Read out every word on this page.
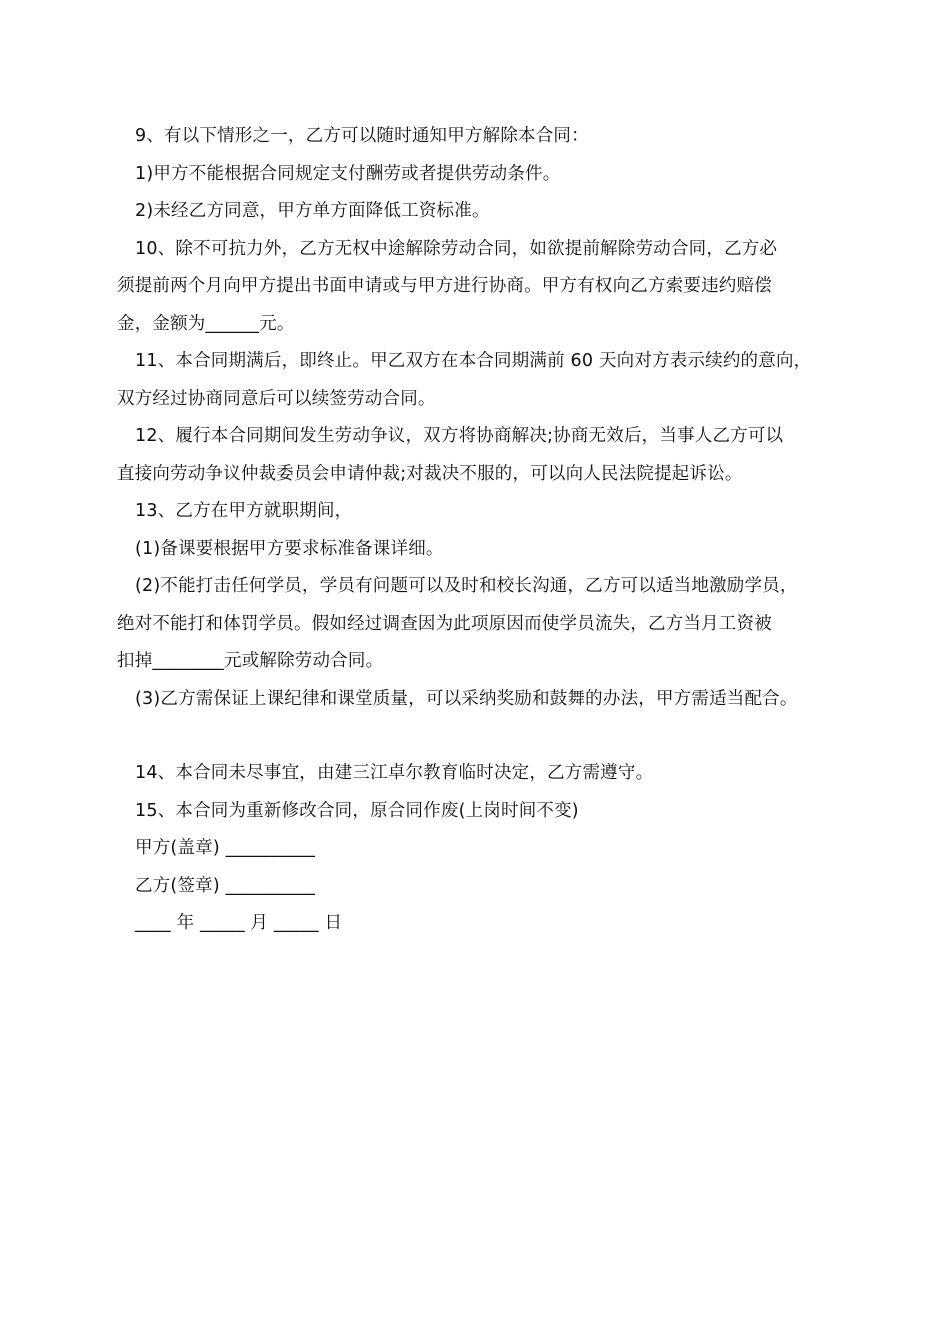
9、有以下情形之一，乙方可以随时通知甲方解除本合同：

1)甲方不能根据合同规定支付酬劳或者提供劳动条件。

2)未经乙方同意，甲方单方面降低工资标准。

10、除不可抗力外，乙方无权中途解除劳动合同，如欲提前解除劳动合同，乙方必

须提前两个月向甲方提出书面申请或与甲方进行协商。甲方有权向乙方索要违约赔偿

金，金额为______元。

11、本合同期满后，即终止。甲乙双方在本合同期满前 60 天向对方表示续约的意向，

双方经过协商同意后可以续签劳动合同。

12、履行本合同期间发生劳动争议，双方将协商解决;协商无效后，当事人乙方可以

直接向劳动争议仲裁委员会申请仲裁;对裁决不服的，可以向人民法院提起诉讼。

13、乙方在甲方就职期间，

(1)备课要根据甲方要求标准备课详细。

(2)不能打击任何学员，学员有问题可以及时和校长沟通，乙方可以适当地激励学员，

绝对不能打和体罚学员。假如经过调查因为此项原因而使学员流失，乙方当月工资被

扣掉________元或解除劳动合同。

(3)乙方需保证上课纪律和课堂质量，可以采纳奖励和鼓舞的办法，甲方需适当配合。

14、本合同未尽事宜，由建三江卓尔教育临时决定，乙方需遵守。

15、本合同为重新修改合同，原合同作废(上岗时间不变)

甲方(盖章) __________

乙方(签章) __________

____ 年 _____ 月 _____ 日
